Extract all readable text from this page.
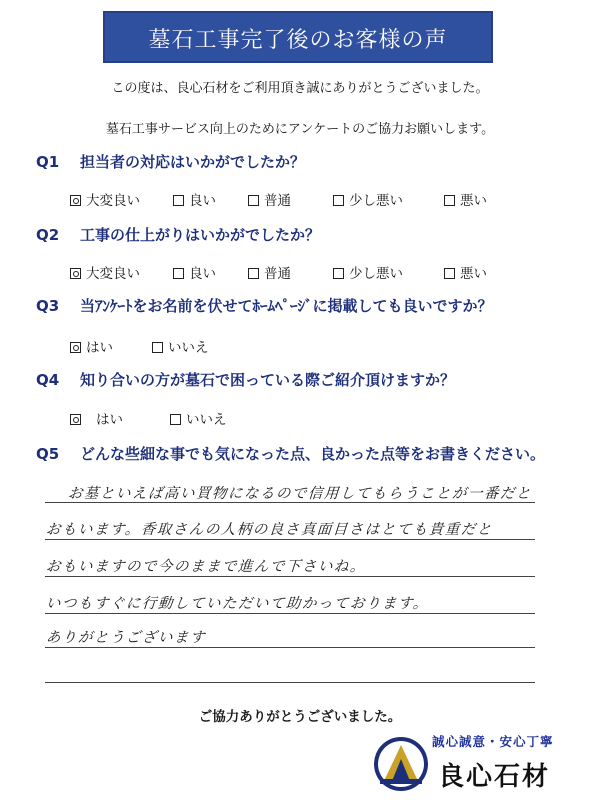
墓石工事完了後のお客様の声
この度は、良心石材をご利用頂き誠にありがとうございました。
墓石工事サービス向上のためにアンケートのご協力お願いします。
Q1 担当者の対応はいかがでしたか？
大変良い	良い	普通	少し悪い	悪い
Q2 工事の仕上がりはいかがでしたか？
大変良い	良い	普通	少し悪い	悪い
Q3 当ｱﾝｹｰﾄをお名前を伏せてﾎｰﾑﾍﾟｰｼﾞに掲載しても良いですか？
はい	いいえ
Q4 知り合いの方が墓石で困っている際ご紹介頂けますか？
はい	いいえ
Q5 どんな些細な事でも気になった点、良かった点等をお書きください。
お墓といえば高い買物になるので信用してもらうことが一番だと
おもいます。香取さんの人柄の良さ真面目さはとても貴重だと
おもいますので今のままで進んで下さいね。
いつもすぐに行動していただいて助かっております。
ありがとうございます
ご協力ありがとうございました。
誠心誠意・安心丁寧
良心石材
